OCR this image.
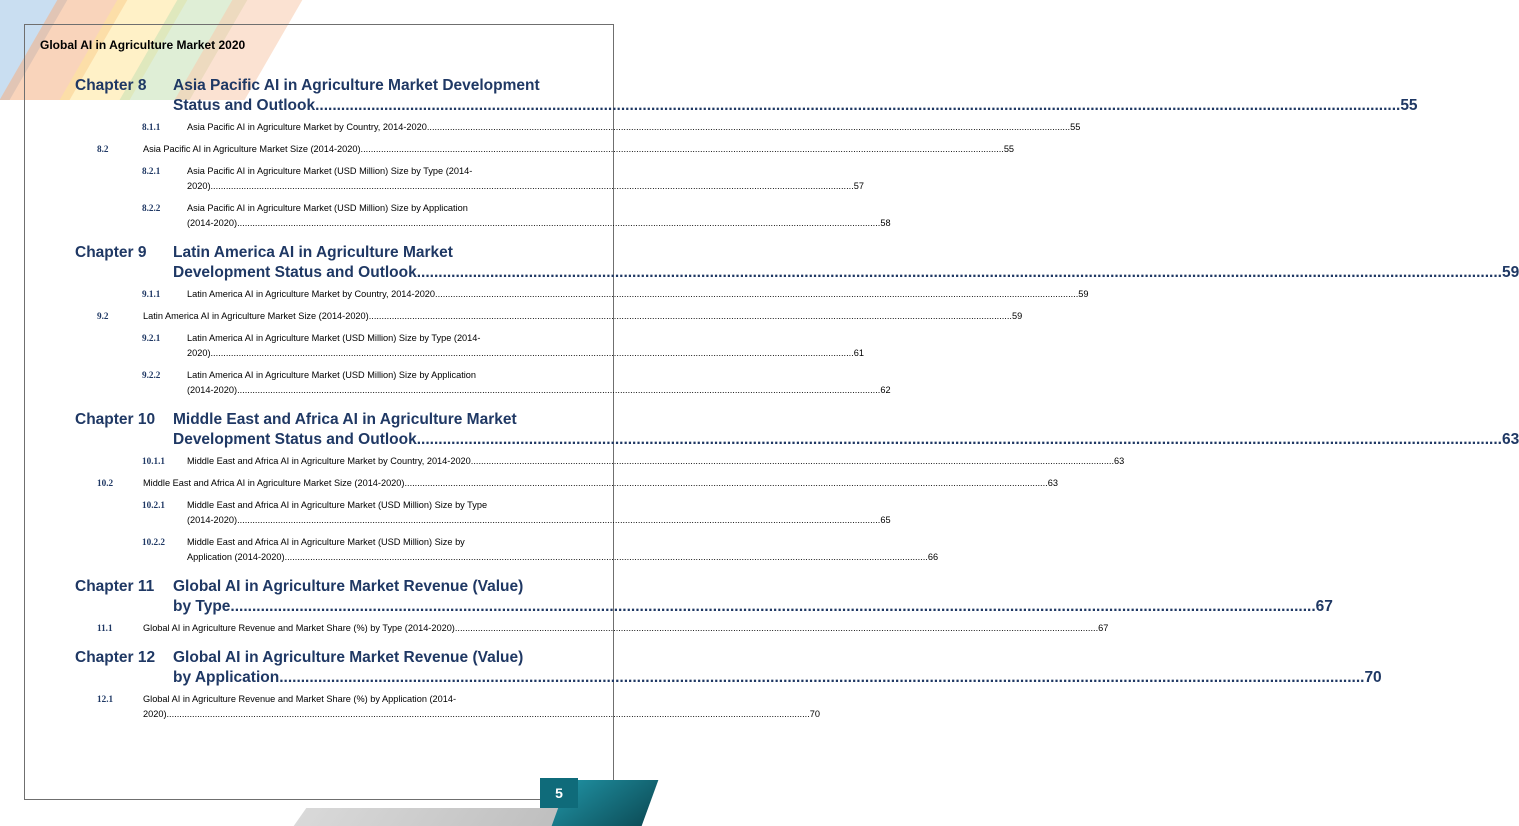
Global AI in Agriculture Market 2020
Chapter 8	Asia Pacific AI in Agriculture Market Development
Status and Outlook .....	55
8.1.1	Asia Pacific AI in Agriculture Market by Country, 2014-2020 .....	55
8.2	Asia Pacific AI in Agriculture Market Size (2014-2020) .....	55
8.2.1	Asia Pacific AI in Agriculture Market (USD Million) Size by Type (2014-
2020) .....	57
8.2.2	Asia Pacific AI in Agriculture Market (USD Million) Size by Application
(2014-2020) .....	58
Chapter 9	Latin America AI in Agriculture Market
Development Status and Outlook .....	59
9.1.1	Latin America AI in Agriculture Market by Country, 2014-2020 .....	59
9.2	Latin America AI in Agriculture Market Size (2014-2020) .....	59
9.2.1	Latin America AI in Agriculture Market (USD Million) Size by Type (2014-
2020) .....	61
9.2.2	Latin America AI in Agriculture Market (USD Million) Size by Application
(2014-2020) .....	62
Chapter 10	Middle East and Africa AI in Agriculture Market
Development Status and Outlook .....	63
10.1.1	Middle East and Africa AI in Agriculture Market by Country, 2014-2020 .....	63
10.2	Middle East and Africa AI in Agriculture Market Size (2014-2020) .....	63
10.2.1	Middle East and Africa AI in Agriculture Market (USD Million) Size by Type
(2014-2020) .....	65
10.2.2	Middle East and Africa AI in Agriculture Market (USD Million) Size by
Application (2014-2020) .....	66
Chapter 11	Global AI in Agriculture Market Revenue (Value)
by Type .....	67
11.1	Global AI in Agriculture Revenue and Market Share (%) by Type (2014-2020) .....	67
Chapter 12	Global AI in Agriculture Market Revenue (Value)
by Application .....	70
12.1	Global AI in Agriculture Revenue and Market Share (%) by Application (2014-
2020) .....	70
5
